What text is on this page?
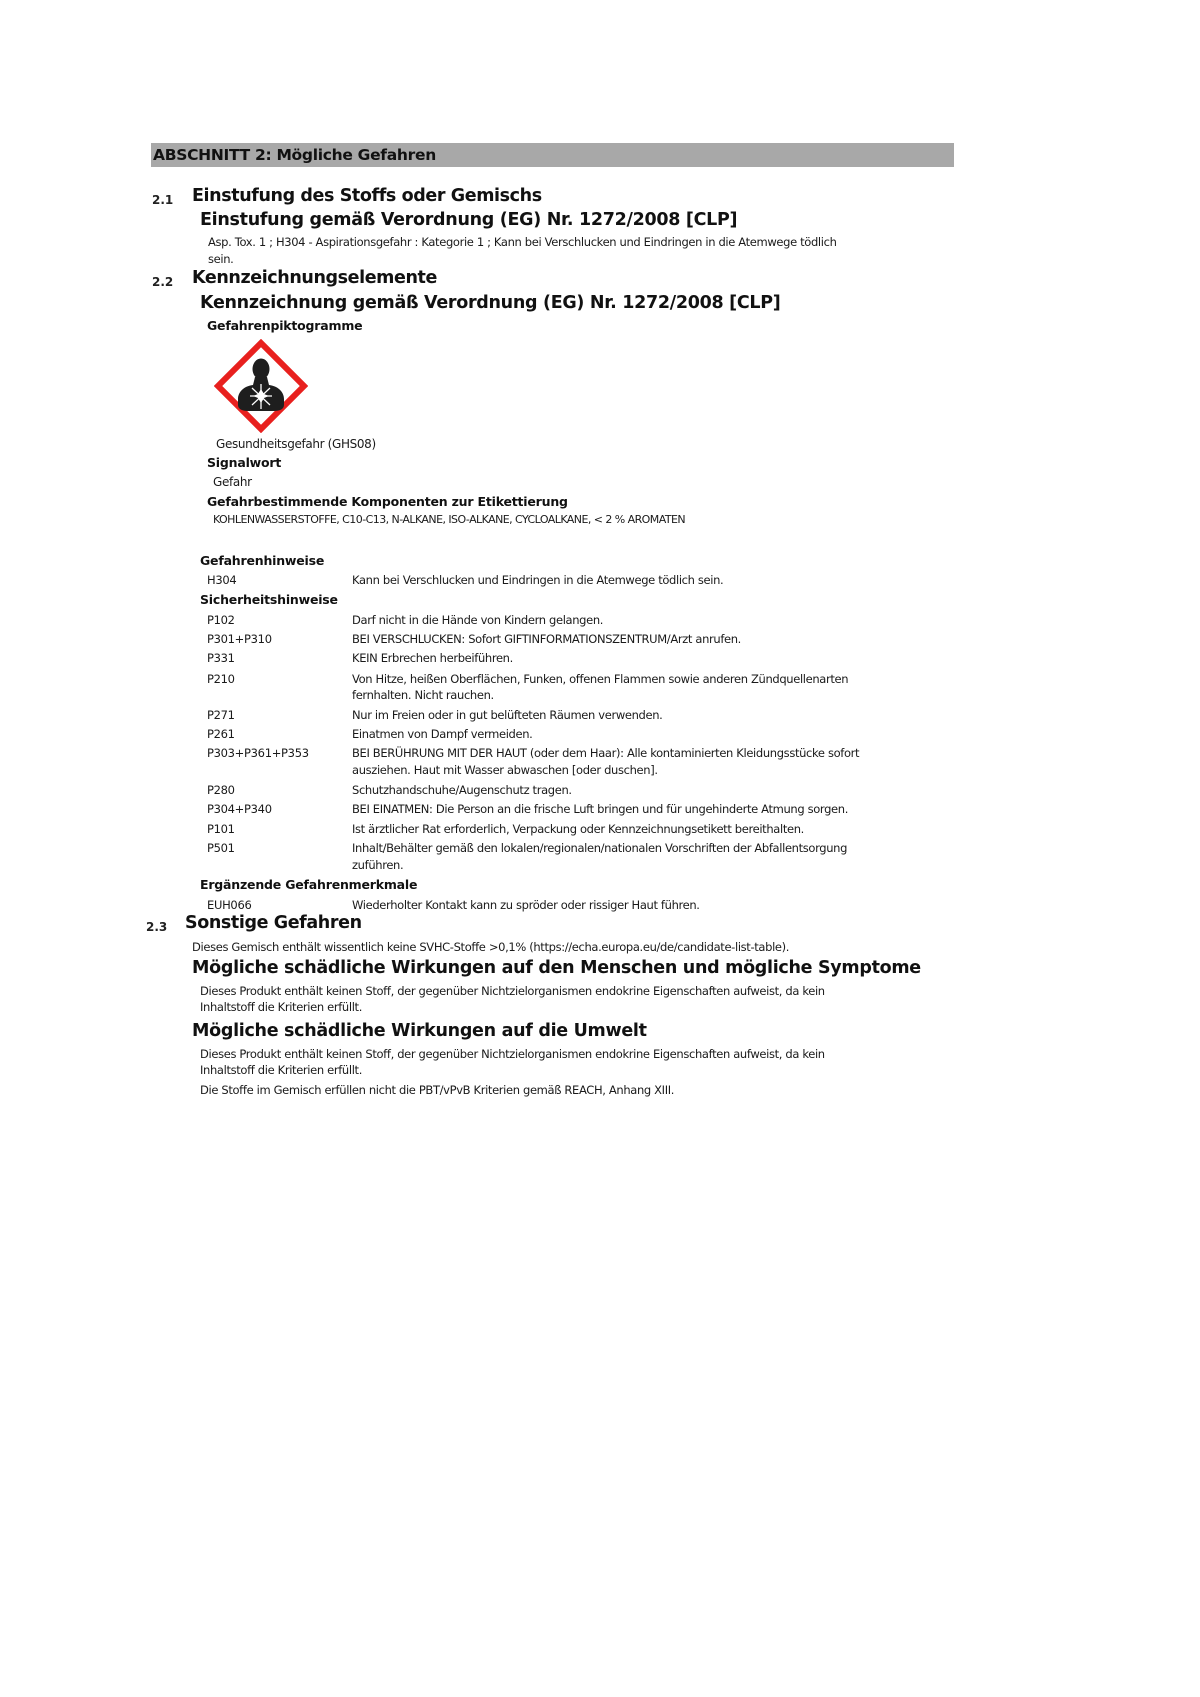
ABSCHNITT 2: Mögliche Gefahren
2.1 Einstufung des Stoffs oder Gemischs
Einstufung gemäß Verordnung (EG) Nr. 1272/2008 [CLP]
Asp. Tox. 1 ; H304 - Aspirationsgefahr : Kategorie 1 ; Kann bei Verschlucken und Eindringen in die Atemwege tödlich
sein.
2.2 Kennzeichnungselemente
Kennzeichnung gemäß Verordnung (EG) Nr. 1272/2008 [CLP]
Gefahrenpiktogramme
Gesundheitsgefahr (GHS08)
Signalwort
Gefahr
Gefahrbestimmende Komponenten zur Etikettierung
KOHLENWASSERSTOFFE, C10-C13, N-ALKANE, ISO-ALKANE, CYCLOALKANE, < 2 % AROMATEN
Gefahrenhinweise
H304	Kann bei Verschlucken und Eindringen in die Atemwege tödlich sein.
Sicherheitshinweise
P102	Darf nicht in die Hände von Kindern gelangen.
P301+P310	BEI VERSCHLUCKEN: Sofort GIFTINFORMATIONSZENTRUM/Arzt anrufen.
P331	KEIN Erbrechen herbeiführen.
P210	Von Hitze, heißen Oberflächen, Funken, offenen Flammen sowie anderen Zündquellenarten
fernhalten. Nicht rauchen.
P271	Nur im Freien oder in gut belüfteten Räumen verwenden.
P261	Einatmen von Dampf vermeiden.
P303+P361+P353	BEI BERÜHRUNG MIT DER HAUT (oder dem Haar): Alle kontaminierten Kleidungsstücke sofort
ausziehen. Haut mit Wasser abwaschen [oder duschen].
P280	Schutzhandschuhe/Augenschutz tragen.
P304+P340	BEI EINATMEN: Die Person an die frische Luft bringen und für ungehinderte Atmung sorgen.
P101	Ist ärztlicher Rat erforderlich, Verpackung oder Kennzeichnungsetikett bereithalten.
P501	Inhalt/Behälter gemäß den lokalen/regionalen/nationalen Vorschriften der Abfallentsorgung
zuführen.
Ergänzende Gefahrenmerkmale
EUH066	Wiederholter Kontakt kann zu spröder oder rissiger Haut führen.
2.3 Sonstige Gefahren
Dieses Gemisch enthält wissentlich keine SVHC-Stoffe >0,1% (https://echa.europa.eu/de/candidate-list-table).
Mögliche schädliche Wirkungen auf den Menschen und mögliche Symptome
Dieses Produkt enthält keinen Stoff, der gegenüber Nichtzielorganismen endokrine Eigenschaften aufweist, da kein
Inhaltstoff die Kriterien erfüllt.
Mögliche schädliche Wirkungen auf die Umwelt
Dieses Produkt enthält keinen Stoff, der gegenüber Nichtzielorganismen endokrine Eigenschaften aufweist, da kein
Inhaltstoff die Kriterien erfüllt.
Die Stoffe im Gemisch erfüllen nicht die PBT/vPvB Kriterien gemäß REACH, Anhang XIII.
